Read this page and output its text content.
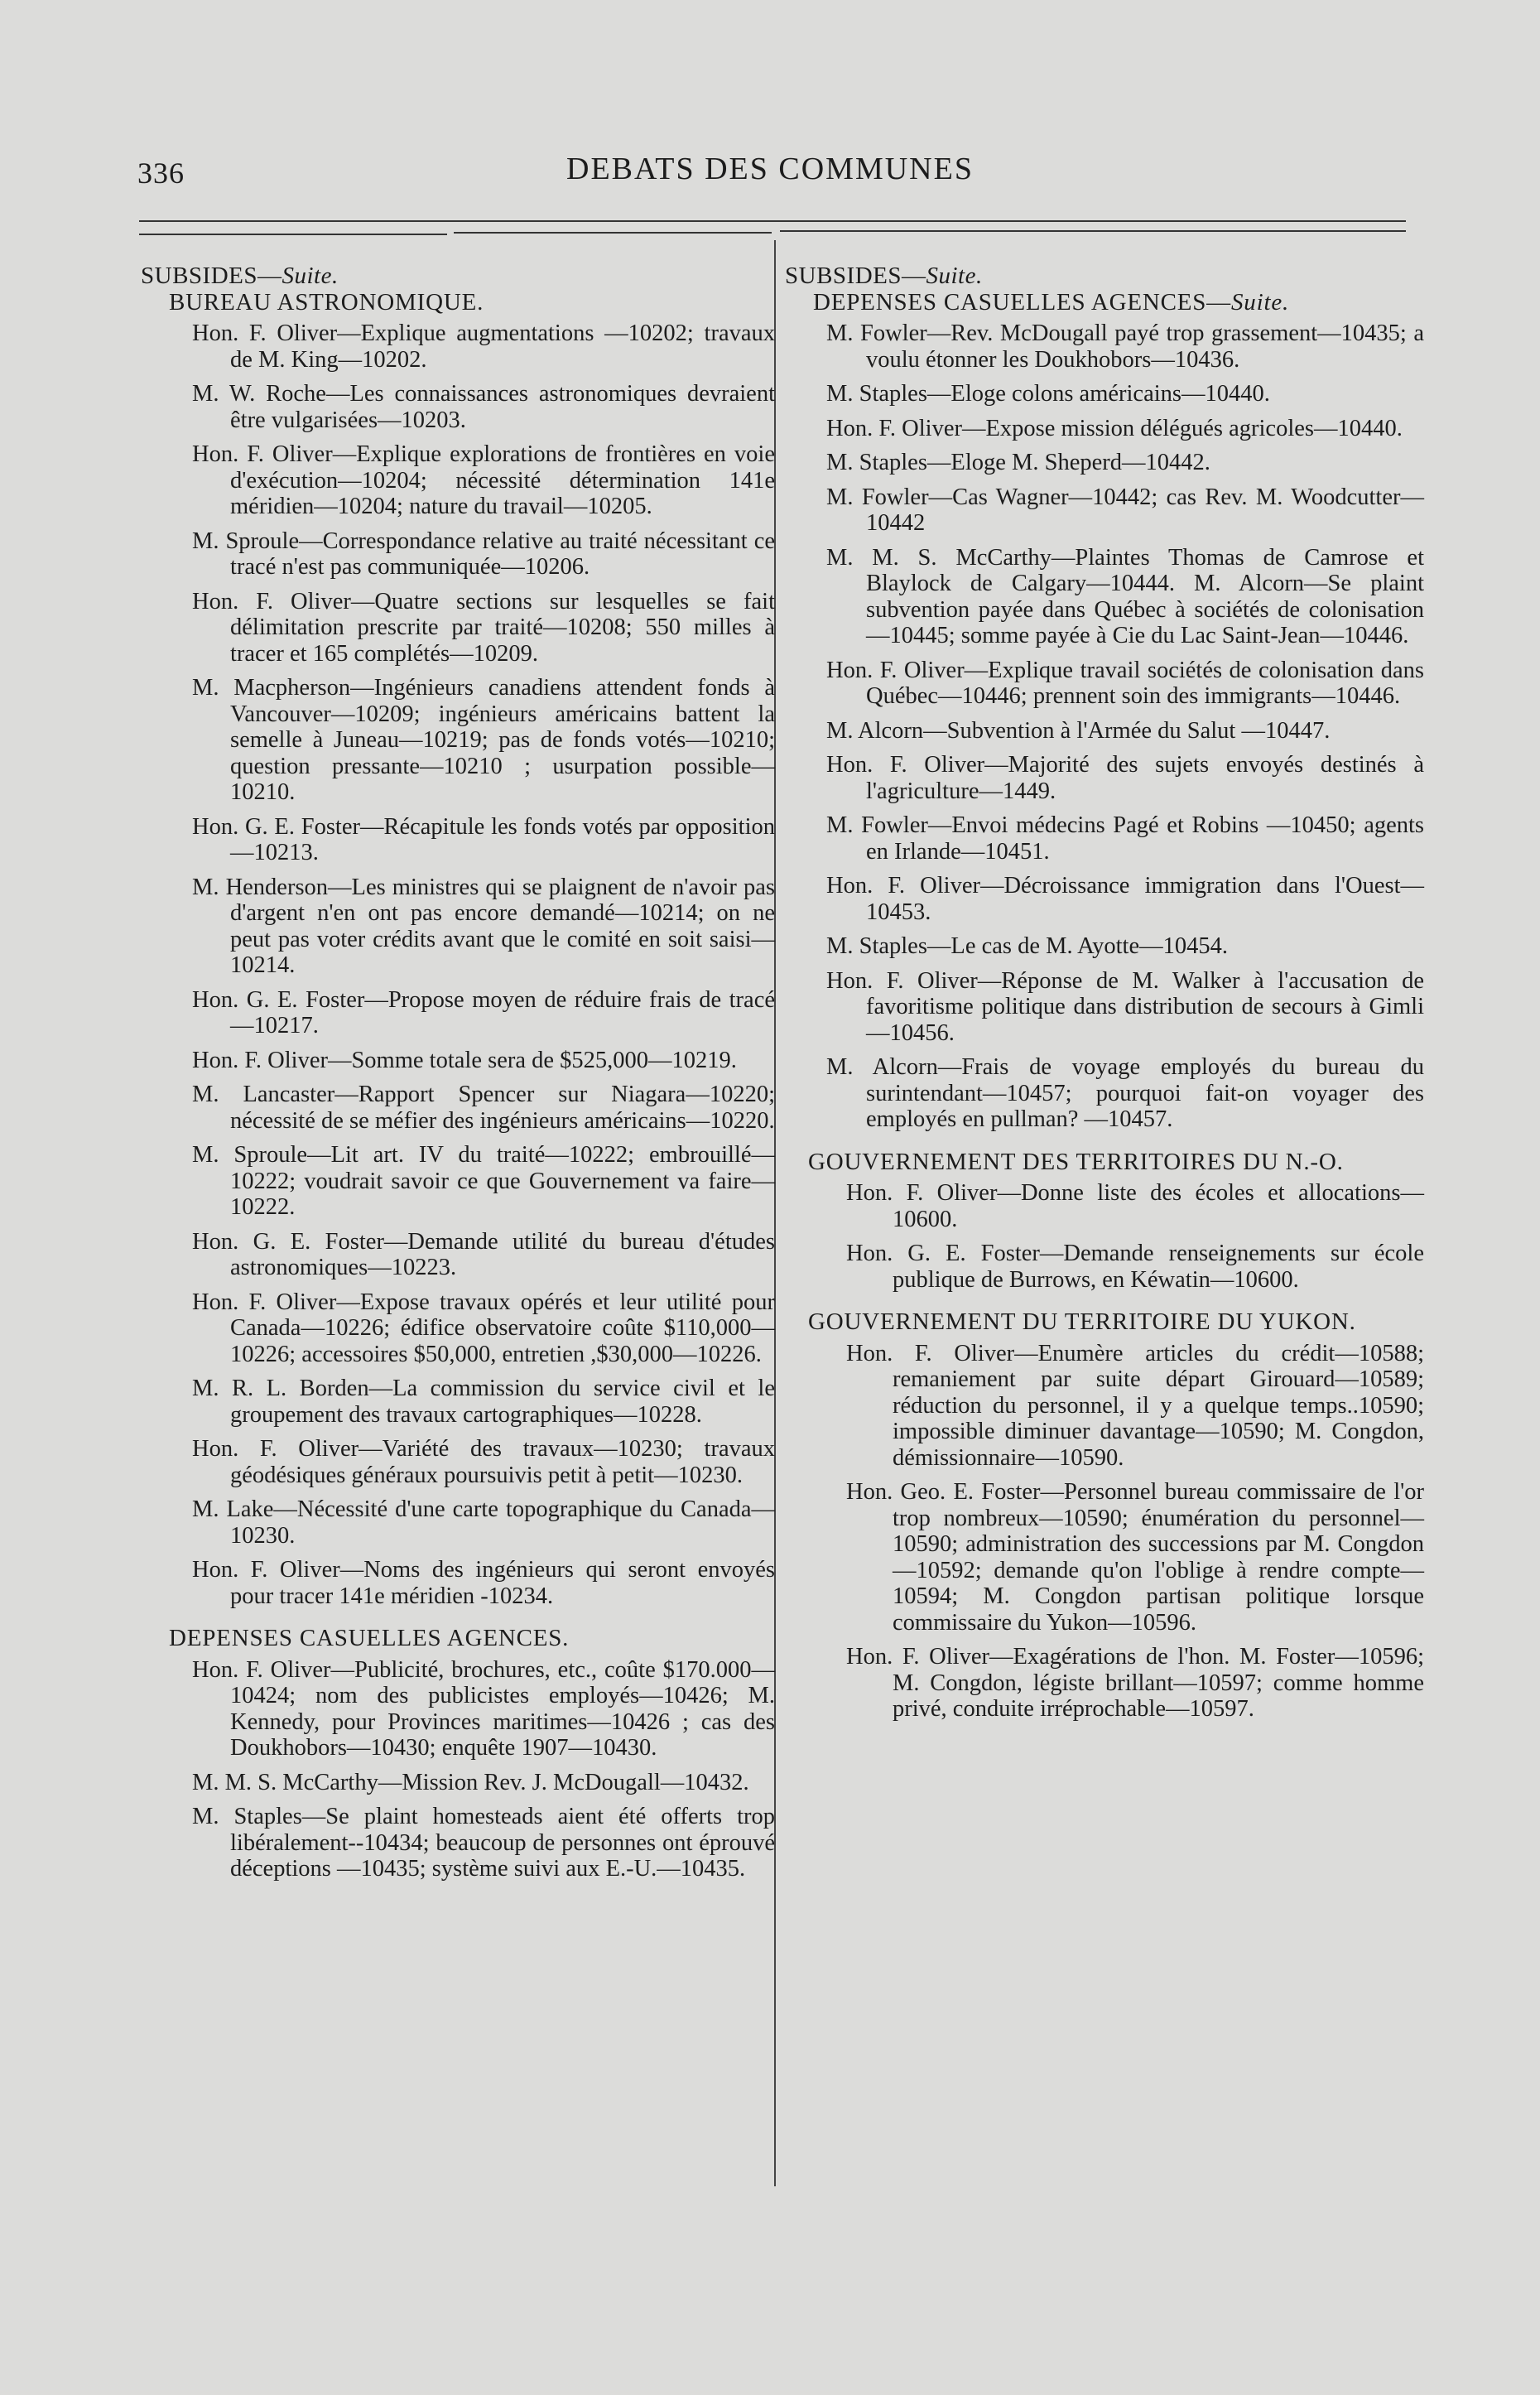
336	DEBATS DES COMMUNES
SUBSIDES—Suite.
BUREAU ASTRONOMIQUE.

Hon. F. Oliver—Explique augmentations —10202; travaux de M. King—10202.

M. W. Roche—Les connaissances astronomiques devraient être vulgarisées—10203.

Hon. F. Oliver—Explique explorations de frontières en voie d'exécution—10204; nécessité détermination 141e méridien—10204; nature du travail—10205.

M. Sproule—Correspondance relative au traité nécessitant ce tracé n'est pas communiquée—10206.

Hon. F. Oliver—Quatre sections sur lesquelles se fait délimitation prescrite par traité—10208; 550 milles à tracer et 165 complétés—10209.

M. Macpherson—Ingénieurs canadiens attendent fonds à Vancouver—10209; ingénieurs américains battent la semelle à Juneau—10219; pas de fonds votés—10210; question pressante—10210 ; usurpation possible—10210.

Hon. G. E. Foster—Récapitule les fonds votés par opposition—10213.

M. Henderson—Les ministres qui se plaignent de n'avoir pas d'argent n'en ont pas encore demandé—10214; on ne peut pas voter crédits avant que le comité en soit saisi—10214.

Hon. G. E. Foster—Propose moyen de réduire frais de tracé—10217.

Hon. F. Oliver—Somme totale sera de $525,000—10219.

M. Lancaster—Rapport Spencer sur Niagara—10220; nécessité de se méfier des ingénieurs américains—10220.

M. Sproule—Lit art. IV du traité—10222; embrouillé—10222; voudrait savoir ce que Gouvernement va faire—10222.

Hon. G. E. Foster—Demande utilité du bureau d'études astronomiques—10223.

Hon. F. Oliver—Expose travaux opérés et leur utilité pour Canada—10226; édifice observatoire coûte $110,000—10226; accessoires $50,000, entretien ,$30,000—10226.

M. R. L. Borden—La commission du service civil et le groupement des travaux cartographiques—10228.

Hon. F. Oliver—Variété des travaux—10230; travaux géodésiques généraux poursuivis petit à petit—10230.

M. Lake—Nécessité d'une carte topographique du Canada—10230.

Hon. F. Oliver—Noms des ingénieurs qui seront envoyés pour tracer 141e méridien -10234.

DEPENSES CASUELLES AGENCES.

Hon. F. Oliver—Publicité, brochures, etc., coûte $170.000—10424; nom des publicistes employés—10426; M. Kennedy, pour Provinces maritimes—10426 ; cas des Doukhobors—10430; enquête 1907—10430.

M. M. S. McCarthy—Mission Rev. J. McDougall—10432.

M. Staples—Se plaint homesteads aient été offerts trop libéralement--10434; beaucoup de personnes ont éprouvé déceptions —10435; système suivi aux E.-U.—10435.

SUBSIDES—Suite.
DEPENSES CASUELLES AGENCES—Suite.

M. Fowler—Rev. McDougall payé trop grassement—10435; a voulu étonner les Doukhobors—10436.

M. Staples—Eloge colons américains—10440.

Hon. F. Oliver—Expose mission délégués agricoles—10440.

M. Staples—Eloge M. Sheperd—10442.

M. Fowler—Cas Wagner—10442; cas Rev. M. Woodcutter—10442

M. M. S. McCarthy—Plaintes Thomas de Camrose et Blaylock de Calgary—10444. M. Alcorn—Se plaint subvention payée dans Québec à sociétés de colonisation—10445; somme payée à Cie du Lac Saint-Jean—10446.

Hon. F. Oliver—Explique travail sociétés de colonisation dans Québec—10446; prennent soin des immigrants—10446.

M. Alcorn—Subvention à l'Armée du Salut —10447.

Hon. F. Oliver—Majorité des sujets envoyés destinés à l'agriculture—1449.

M. Fowler—Envoi médecins Pagé et Robins —10450; agents en Irlande—10451.

Hon. F. Oliver—Décroissance immigration dans l'Ouest—10453.

M. Staples—Le cas de M. Ayotte—10454.

Hon. F. Oliver—Réponse de M. Walker à l'accusation de favoritisme politique dans distribution de secours à Gimli—10456.

M. Alcorn—Frais de voyage employés du bureau du surintendant—10457; pourquoi fait-on voyager des employés en pullman? —10457.

GOUVERNEMENT DES TERRITOIRES DU N.-O.

Hon. F. Oliver—Donne liste des écoles et allocations—10600.

Hon. G. E. Foster—Demande renseignements sur école publique de Burrows, en Kéwatin—10600.

GOUVERNEMENT DU TERRITOIRE DU YUKON.

Hon. F. Oliver—Enumère articles du crédit—10588; remaniement par suite départ Girouard—10589; réduction du personnel, il y a quelque temps..10590; impossible diminuer davantage—10590; M. Congdon, démissionnaire—10590.

Hon. Geo. E. Foster—Personnel bureau commissaire de l'or trop nombreux—10590; énumération du personnel—10590; administration des successions par M. Congdon—10592; demande qu'on l'oblige à rendre compte—10594; M. Congdon partisan politique lorsque commissaire du Yukon—10596.

Hon. F. Oliver—Exagérations de l'hon. M. Foster—10596; M. Congdon, légiste brillant—10597; comme homme privé, conduite irréprochable—10597.
